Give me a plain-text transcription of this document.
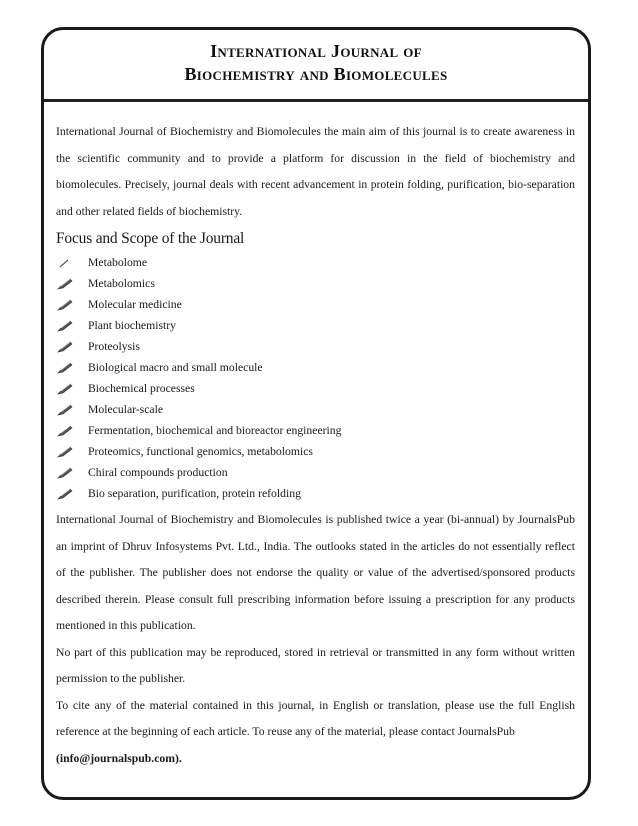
International Journal of
Biochemistry and Biomolecules

International Journal of Biochemistry and Biomolecules the main aim of this journal is to create awareness in the scientific community and to provide a platform for discussion in the field of biochemistry and biomolecules. Precisely, journal deals with recent advancement in protein folding, purification, bio-separation and other related fields of biochemistry.

Focus and Scope of the Journal
Metabolome
Metabolomics
Molecular medicine
Plant biochemistry
Proteolysis
Biological macro and small molecule
Biochemical processes
Molecular-scale
Fermentation, biochemical and bioreactor engineering
Proteomics, functional genomics, metabolomics
Chiral compounds production
Bio separation, purification, protein refolding

International Journal of Biochemistry and Biomolecules is published twice a year (bi-annual) by JournalsPub an imprint of Dhruv Infosystems Pvt. Ltd., India. The outlooks stated in the articles do not essentially reflect of the publisher. The publisher does not endorse the quality or value of the advertised/sponsored products described therein. Please consult full prescribing information before issuing a prescription for any products mentioned in this publication.

No part of this publication may be reproduced, stored in retrieval or transmitted in any form without written permission to the publisher.

To cite any of the material contained in this journal, in English or translation, please use the full English reference at the beginning of each article. To reuse any of the material, please contact JournalsPub
(info@journalspub.com).
